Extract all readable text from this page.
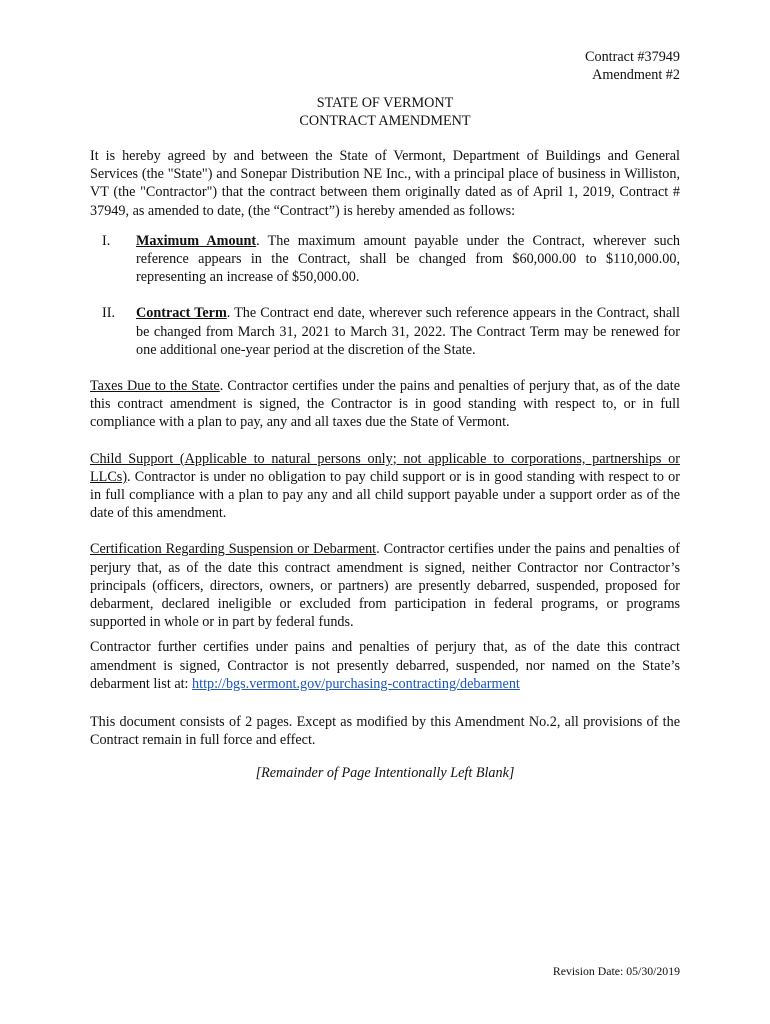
Contract #37949
Amendment #2
STATE OF VERMONT
CONTRACT AMENDMENT

It is hereby agreed by and between the State of Vermont, Department of Buildings and General Services (the "State") and Sonepar Distribution NE Inc., with a principal place of business in Williston, VT (the "Contractor") that the contract between them originally dated as of April 1, 2019, Contract # 37949, as amended to date, (the “Contract”) is hereby amended as follows:

I.	Maximum Amount. The maximum amount payable under the Contract, wherever such reference appears in the Contract, shall be changed from $60,000.00 to $110,000.00, representing an increase of $50,000.00.
II.	Contract Term. The Contract end date, wherever such reference appears in the Contract, shall be changed from March 31, 2021 to March 31, 2022. The Contract Term may be renewed for one additional one-year period at the discretion of the State.

Taxes Due to the State. Contractor certifies under the pains and penalties of perjury that, as of the date this contract amendment is signed, the Contractor is in good standing with respect to, or in full compliance with a plan to pay, any and all taxes due the State of Vermont.

Child Support (Applicable to natural persons only; not applicable to corporations, partnerships or LLCs). Contractor is under no obligation to pay child support or is in good standing with respect to or in full compliance with a plan to pay any and all child support payable under a support order as of the date of this amendment.

Certification Regarding Suspension or Debarment. Contractor certifies under the pains and penalties of perjury that, as of the date this contract amendment is signed, neither Contractor nor Contractor’s principals (officers, directors, owners, or partners) are presently debarred, suspended, proposed for debarment, declared ineligible or excluded from participation in federal programs, or programs supported in whole or in part by federal funds.

Contractor further certifies under pains and penalties of perjury that, as of the date this contract amendment is signed, Contractor is not presently debarred, suspended, nor named on the State’s debarment list at: http://bgs.vermont.gov/purchasing-contracting/debarment

This document consists of 2 pages. Except as modified by this Amendment No.2, all provisions of the Contract remain in full force and effect.

[Remainder of Page Intentionally Left Blank]

Revision Date: 05/30/2019
